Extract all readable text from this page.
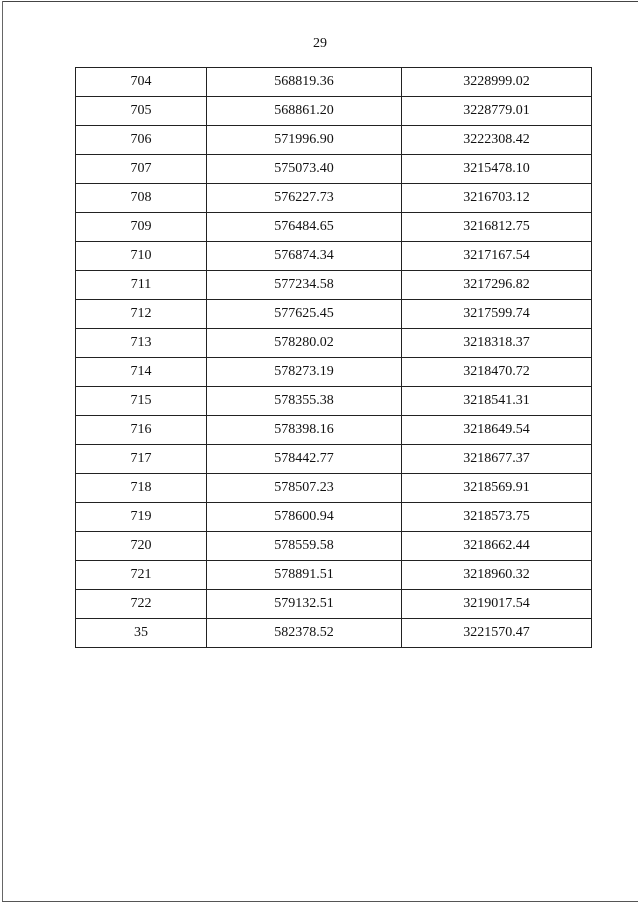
29
704	568819.36	3228999.02
705	568861.20	3228779.01
706	571996.90	3222308.42
707	575073.40	3215478.10
708	576227.73	3216703.12
709	576484.65	3216812.75
710	576874.34	3217167.54
711	577234.58	3217296.82
712	577625.45	3217599.74
713	578280.02	3218318.37
714	578273.19	3218470.72
715	578355.38	3218541.31
716	578398.16	3218649.54
717	578442.77	3218677.37
718	578507.23	3218569.91
719	578600.94	3218573.75
720	578559.58	3218662.44
721	578891.51	3218960.32
722	579132.51	3219017.54
35	582378.52	3221570.47
